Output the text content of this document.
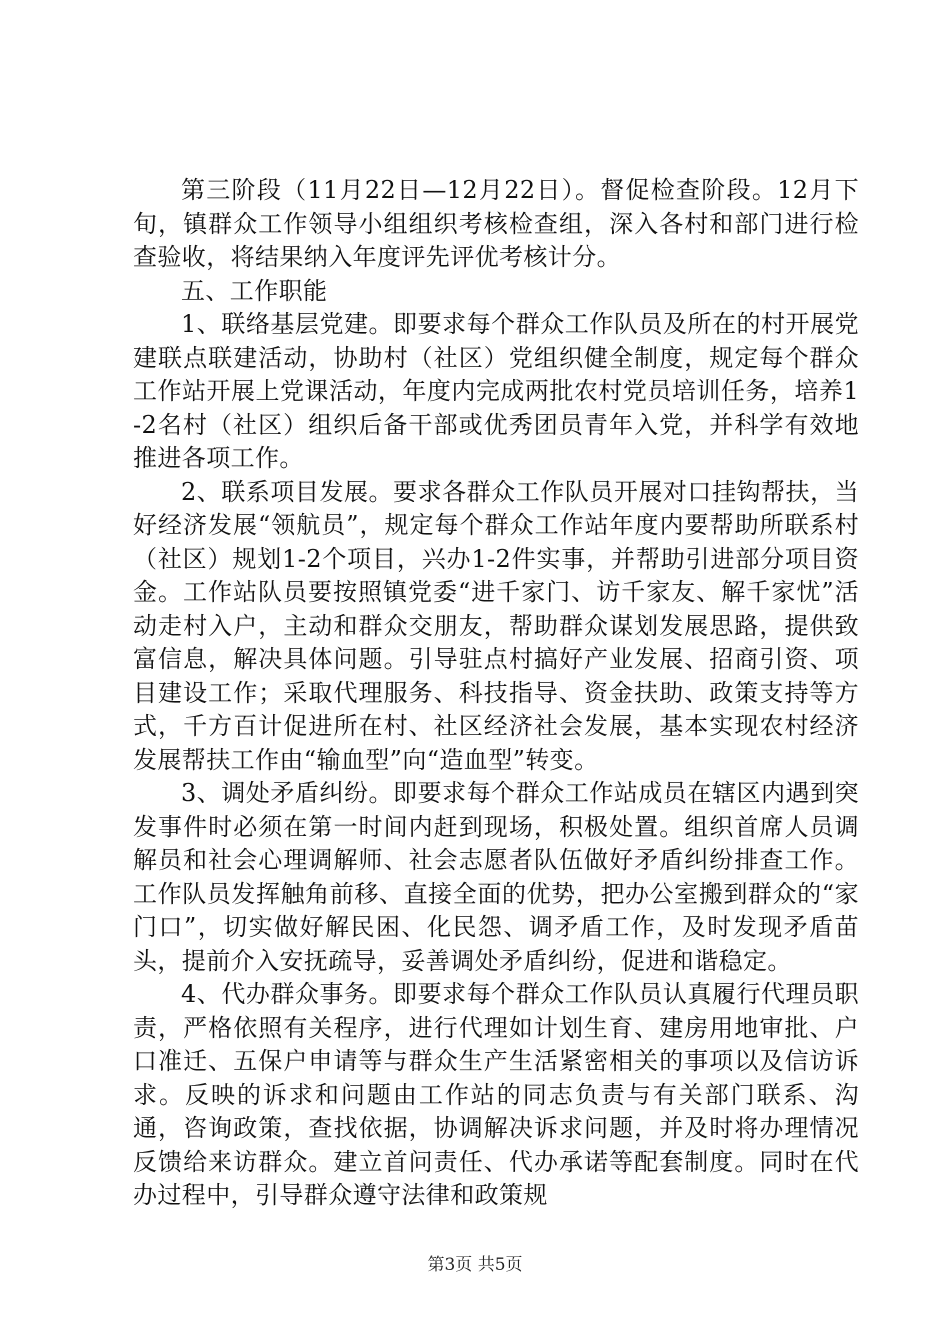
第三阶段（11月22日—12月22日）。督促检查阶段。12月下旬，镇群众工作领导小组组织考核检查组，深入各村和部门进行检查验收，将结果纳入年度评先评优考核计分。

五、工作职能

1、联络基层党建。即要求每个群众工作队员及所在的村开展党建联点联建活动，协助村（社区）党组织健全制度，规定每个群众工作站开展上党课活动，年度内完成两批农村党员培训任务，培养1-2名村（社区）组织后备干部或优秀团员青年入党，并科学有效地推进各项工作。

2、联系项目发展。要求各群众工作队员开展对口挂钩帮扶，当好经济发展“领航员”，规定每个群众工作站年度内要帮助所联系村（社区）规划1-2个项目，兴办1-2件实事，并帮助引进部分项目资金。工作站队员要按照镇党委“进千家门、访千家友、解千家忧”活动走村入户，主动和群众交朋友，帮助群众谋划发展思路，提供致富信息，解决具体问题。引导驻点村搞好产业发展、招商引资、项目建设工作；采取代理服务、科技指导、资金扶助、政策支持等方式，千方百计促进所在村、社区经济社会发展，基本实现农村经济发展帮扶工作由“输血型”向“造血型”转变。

3、调处矛盾纠纷。即要求每个群众工作站成员在辖区内遇到突发事件时必须在第一时间内赶到现场，积极处置。组织首席人员调解员和社会心理调解师、社会志愿者队伍做好矛盾纠纷排查工作。工作队员发挥触角前移、直接全面的优势，把办公室搬到群众的“家门口”，切实做好解民困、化民怨、调矛盾工作，及时发现矛盾苗头，提前介入安抚疏导，妥善调处矛盾纠纷，促进和谐稳定。

4、代办群众事务。即要求每个群众工作队员认真履行代理员职责，严格依照有关程序，进行代理如计划生育、建房用地审批、户口准迁、五保户申请等与群众生产生活紧密相关的事项以及信访诉求。反映的诉求和问题由工作站的同志负责与有关部门联系、沟通，咨询政策，查找依据，协调解决诉求问题，并及时将办理情况反馈给来访群众。建立首问责任、代办承诺等配套制度。同时在代办过程中，引导群众遵守法律和政策规

第3页 共5页
